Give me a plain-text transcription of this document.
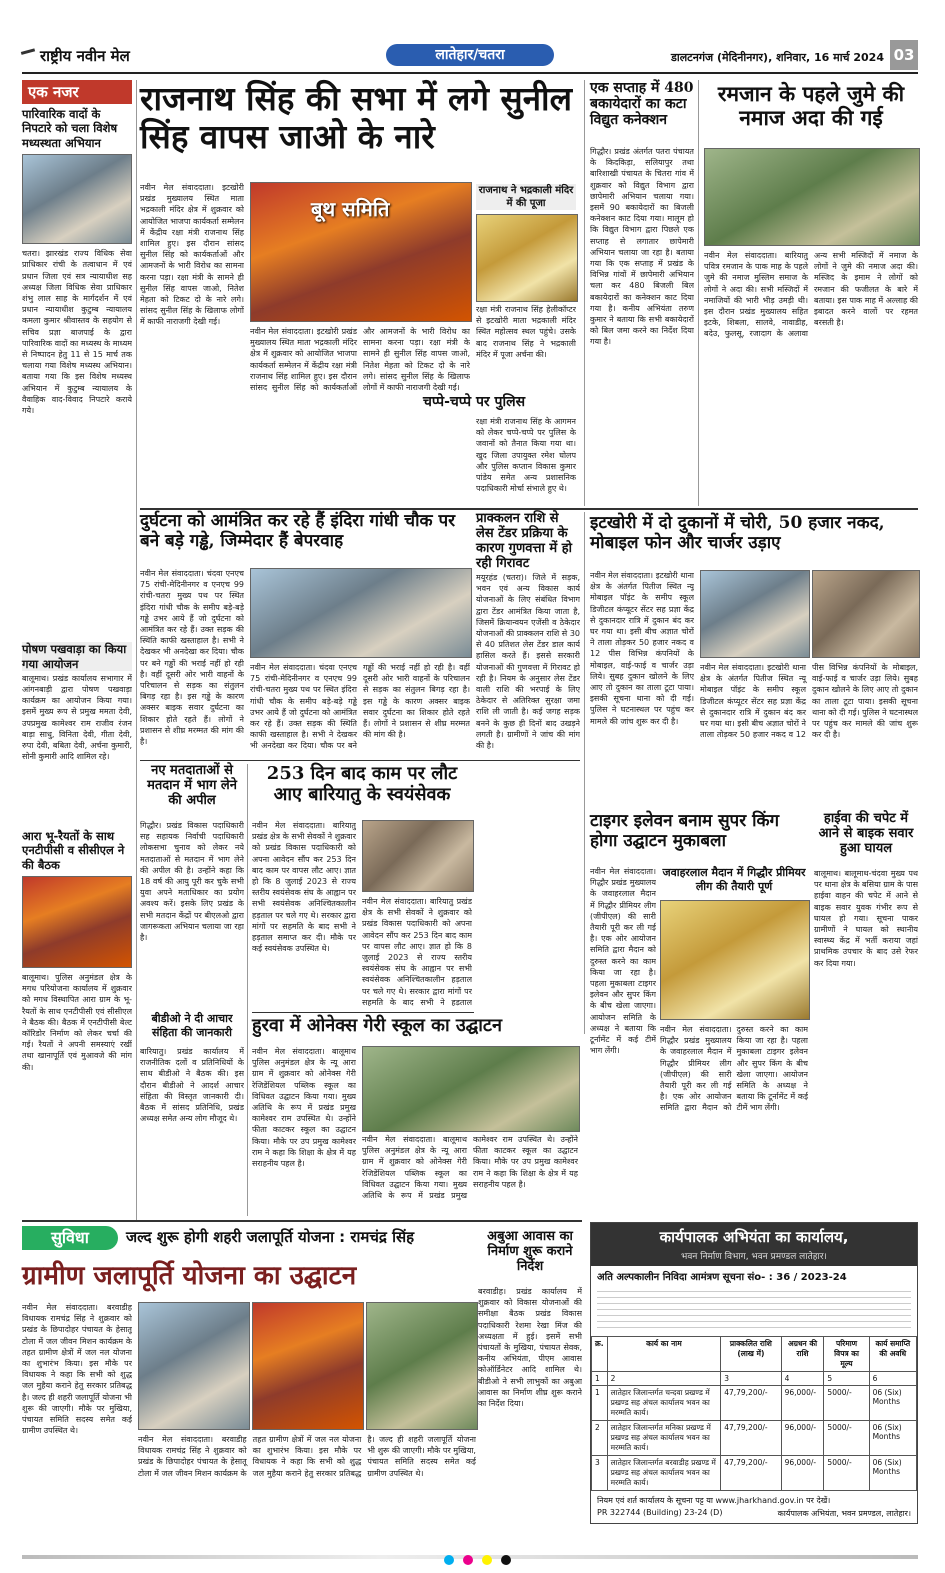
राष्ट्रीय नवीन मेल	लातेहार/चतरा	डालटनगंज (मेदिनीनगर), शनिवार, 16 मार्च 2024 03
एक नजर
पारिवारिक वादों के निपटारे को चला विशेष मध्यस्थता अभियान
चतरा। झारखंड राज्य विधिक सेवा प्राधिकार रांची के तत्वाधान में एवं प्रधान जिला एवं सत्र न्यायाधीश सह अध्यक्ष जिला विधिक सेवा प्राधिकार शंभु लाल साह के मार्गदर्शन में एवं प्रधान न्यायाधीश कुटुम्ब न्यायालय कमला कुमार श्रीवास्तव के सहयोग से सचिव प्रज्ञा बाजपाई के द्वारा पारिवारिक वादों का मध्यस्थ के माध्यम से निष्पादन हेतु 11 से 15 मार्च तक चलाया गया विशेष मध्यस्थ अभियान। बताया गया कि इस विशेष मध्यस्थ अभियान में कुटुम्ब न्यायालय के वैवाहिक वाद-विवाद निपटारे कराये गये।
पोषण पखवाड़ा का किया गया आयोजन
बालूमाथ। प्रखंड कार्यालय सभागार में आंगनबाड़ी द्वारा पोषण पखवाड़ा कार्यक्रम का आयोजन किया गया। इसमें मुख्य रूप से प्रमुख ममता देवी, उपप्रमुख कामेश्वर राम राजीव रंजन बाड़ा साधु, विनिता देवी, गीता देवी, रुपा देवी, बबिता देवी, अर्चना कुमारी, सोनी कुमारी आदि शामिल रहे।
आरा भू-रैयतों के साथ एनटीपीसी व सीसीएल ने की बैठक
बालूमाथ। पुलिस अनुमंडल क्षेत्र के मगध परियोजना कार्यालय में शुक्रवार को मगध विस्थापित आरा ग्राम के भू-रैयतों के साथ एनटीपीसी एवं सीसीएल ने बैठक की। बैठक में एनटीपीसी बेल्ट कॉरिडोर निर्माण को लेकर चर्चा की गई। रैयतों ने अपनी समस्याएं रखीं तथा खानापूर्ति एवं मुआवजे की मांग की।
राजनाथ सिंह की सभा में लगे सुनील सिंह वापस जाओ के नारे
नवीन मेल संवाददाता। इटखोरी प्रखंड मुख्यालय स्थित माता भद्रकाली मंदिर क्षेत्र में शुक्रवार को आयोजित भाजपा कार्यकर्ता सम्मेलन में केंद्रीय रक्षा मंत्री राजनाथ सिंह शामिल हुए। इस दौरान सांसद सुनील सिंह को कार्यकर्ताओं और आमजनों के भारी विरोध का सामना करना पड़ा। रक्षा मंत्री के सामने ही सुनील सिंह वापस जाओ, नितेश मेहता को टिकट दो के नारे लगे। सांसद सुनील सिंह के खिलाफ लोगों में काफी नाराजगी देखी गई।
बूथ समिति
नवीन मेल संवाददाता। इटखोरी प्रखंड मुख्यालय स्थित माता भद्रकाली मंदिर क्षेत्र में शुक्रवार को आयोजित भाजपा कार्यकर्ता सम्मेलन में केंद्रीय रक्षा मंत्री राजनाथ सिंह शामिल हुए। इस दौरान सांसद सुनील सिंह को कार्यकर्ताओं और आमजनों के भारी विरोध का सामना करना पड़ा। रक्षा मंत्री के सामने ही सुनील सिंह वापस जाओ, नितेश मेहता को टिकट दो के नारे लगे। सांसद सुनील सिंह के खिलाफ लोगों में काफी नाराजगी देखी गई।
राजनाथ ने भद्रकाली मंदिर में की पूजा
रक्षा मंत्री राजनाथ सिंह हेलीकॉप्टर से इटखोरी माता भद्रकाली मंदिर स्थित महोत्सव स्थल पहुंचे। उसके बाद राजनाथ सिंह ने भद्रकाली मंदिर में पूजा अर्चना की।
चप्पे-चप्पे पर पुलिस
रक्षा मंत्री राजनाथ सिंह के आगमन को लेकर चप्पे-चप्पे पर पुलिस के जवानों को तैनात किया गया था। खुद जिला उपायुक्त रमेश घोलप और पुलिस कप्तान विकास कुमार पांडेय समेत अन्य प्रशासनिक पदाधिकारी मोर्चा संभाले हुए थे।
एक सप्ताह में 480 बकायेदारों का कटा विद्युत कनेक्शन
गिद्धौर। प्रखंड अंतर्गत पतरा पंचायत के किदकिड़ा, सलियापुर तथा बारिशाखी पंचायत के चितरा गांव में शुक्रवार को विद्युत विभाग द्वारा छापेमारी अभियान चलाया गया। इसमें 90 बकायेदारों का बिजली कनेक्शन काट दिया गया। मालूम हो कि विद्युत विभाग द्वारा पिछले एक सप्ताह से लगातार छापेमारी अभियान चलाया जा रहा है। बताया गया कि एक सप्ताह में प्रखंड के विभिन्न गांवों में छापेमारी अभियान चला कर 480 बिजली बिल बकायेदारों का कनेक्शन काट दिया गया है। कनीय अभियंता तरुण कुमार ने बताया कि सभी बकायेदारों को बिल जमा करने का निर्देश दिया गया है।
रमजान के पहले जुमे की नमाज अदा की गई
नवीन मेल संवाददाता। बारियातु पवित्र रमजान के पाक माह के पहले जुमे की नमाज मुस्लिम समाज के लोगों ने अदा की। सभी मस्जिदों में नमाजियों की भारी भीड़ उमड़ी थी। इस दौरान प्रखंड मुख्यालय सहित इटके, शिबला, सालवे, नावाडीह, बदेउ, फुलसू, रजादाग के अलावा अन्य सभी मस्जिदों में नमाज के लोगों ने जुमे की नमाज अदा की। मस्जिद के इमाम ने लोगों को रमजान की फजीलत के बारे में बताया। इस पाक माह में अल्लाह की इबादत करने वालों पर रहमत बरसती है।
दुर्घटना को आमंत्रित कर रहे हैं इंदिरा गांधी चौक पर बने बड़े गड्ढे, जिम्मेदार हैं बेपरवाह
नवीन मेल संवाददाता। चंदवा एनएच 75 रांची-मेदिनीनगर व एनएच 99 रांची-चतरा मुख्य पथ पर स्थित इंदिरा गांधी चौक के समीप बड़े-बड़े गड्ढे उभर आये हैं जो दुर्घटना को आमंत्रित कर रहे हैं। उक्त सड़क की स्थिति काफी खस्ताहाल है। सभी ने देखकर भी अनदेखा कर दिया। चौक पर बने गड्ढों की भराई नहीं हो रही है। वहीं दूसरी ओर भारी वाहनों के परिचालन से सड़क का संतुलन बिगड़ रहा है। इस गड्ढे के कारण अक्सर बाइक सवार दुर्घटना का शिकार होते रहते हैं। लोगों ने प्रशासन से शीघ्र मरम्मत की मांग की है।
नवीन मेल संवाददाता। चंदवा एनएच 75 रांची-मेदिनीनगर व एनएच 99 रांची-चतरा मुख्य पथ पर स्थित इंदिरा गांधी चौक के समीप बड़े-बड़े गड्ढे उभर आये हैं जो दुर्घटना को आमंत्रित कर रहे हैं। उक्त सड़क की स्थिति काफी खस्ताहाल है। सभी ने देखकर भी अनदेखा कर दिया। चौक पर बने गड्ढों की भराई नहीं हो रही है। वहीं दूसरी ओर भारी वाहनों के परिचालन से सड़क का संतुलन बिगड़ रहा है। इस गड्ढे के कारण अक्सर बाइक सवार दुर्घटना का शिकार होते रहते हैं। लोगों ने प्रशासन से शीघ्र मरम्मत की मांग की है।
प्राक्कलन राशि से लेस टेंडर प्रक्रिया के कारण गुणवत्ता में हो रही गिरावट
मयूरहंड (चतरा)। जिले में सड़क, भवन एवं अन्य विकास कार्य योजनाओं के लिए संबंधित विभाग द्वारा टेंडर आमंत्रित किया जाता है, जिसमें क्रियान्वयन एजेंसी व ठेकेदार योजनाओं की प्राक्कलन राशि से 30 से 40 प्रतिशत लेस टेंडर डाल कार्य हासिल करते हैं। इससे सरकारी योजनाओं की गुणवत्ता में गिरावट हो रही है। नियम के अनुसार लेस टेंडर वाली राशि की भरपाई के लिए ठेकेदार से अतिरिक्त सुरक्षा जमा राशि ली जाती है। कई जगह सड़क बनने के कुछ ही दिनों बाद उखड़ने लगती है। ग्रामीणों ने जांच की मांग की है।
इटखोरी में दो दुकानों में चोरी, 50 हजार नकद, मोबाइल फोन और चार्जर उड़ाए
नवीन मेल संवाददाता। इटखोरी थाना क्षेत्र के अंतर्गत पितीज स्थित न्यू मोबाइल पॉइंट के समीप स्कूल डिजीटल कंप्यूटर सेंटर सह प्रज्ञा केंद्र से दुकानदार रात्रि में दुकान बंद कर घर गया था। इसी बीच अज्ञात चोरों ने ताला तोड़कर 50 हजार नकद व 12 पीस विभिन्न कंपनियों के मोबाइल, वाई-फाई व चार्जर उड़ा लिये। सुबह दुकान खोलने के लिए आए तो दुकान का ताला टूटा पाया। इसकी सूचना थाना को दी गई। पुलिस ने घटनास्थल पर पहुंच कर मामले की जांच शुरू कर दी है।
नवीन मेल संवाददाता। इटखोरी थाना क्षेत्र के अंतर्गत पितीज स्थित न्यू मोबाइल पॉइंट के समीप स्कूल डिजीटल कंप्यूटर सेंटर सह प्रज्ञा केंद्र से दुकानदार रात्रि में दुकान बंद कर घर गया था। इसी बीच अज्ञात चोरों ने ताला तोड़कर 50 हजार नकद व 12 पीस विभिन्न कंपनियों के मोबाइल, वाई-फाई व चार्जर उड़ा लिये। सुबह दुकान खोलने के लिए आए तो दुकान का ताला टूटा पाया। इसकी सूचना थाना को दी गई। पुलिस ने घटनास्थल पर पहुंच कर मामले की जांच शुरू कर दी है।
नए मतदाताओं से मतदान में भाग लेने की अपील
गिद्धौर। प्रखंड विकास पदाधिकारी सह सहायक निर्वाची पदाधिकारी लोकसभा चुनाव को लेकर नये मतदाताओं से मतदान में भाग लेने की अपील की है। उन्होंने कहा कि 18 वर्ष की आयु पूरी कर चुके सभी युवा अपने मताधिकार का प्रयोग अवश्य करें। इसके लिए प्रखंड के सभी मतदान केंद्रों पर बीएलओ द्वारा जागरूकता अभियान चलाया जा रहा है।
बीडीओ ने दी आचार संहिता की जानकारी
बारियातु। प्रखंड कार्यालय में राजनीतिक दलों व प्रतिनिधियों के साथ बीडीओ ने बैठक की। इस दौरान बीडीओ ने आदर्श आचार संहिता की विस्तृत जानकारी दी। बैठक में सांसद प्रतिनिधि, प्रखंड अध्यक्ष समेत अन्य लोग मौजूद थे।
253 दिन बाद काम पर लौट आए बारियातु के स्वयंसेवक
नवीन मेल संवाददाता। बारियातु प्रखंड क्षेत्र के सभी सेवकों ने शुक्रवार को प्रखंड विकास पदाधिकारी को अपना आवेदन सौंप कर 253 दिन बाद काम पर वापस लौट आए। ज्ञात हो कि 8 जुलाई 2023 से राज्य स्तरीय स्वयंसेवक संघ के आह्वान पर सभी स्वयंसेवक अनिश्चितकालीन हड़ताल पर चले गए थे। सरकार द्वारा मांगों पर सहमति के बाद सभी ने हड़ताल समाप्त कर दी। मौके पर कई स्वयंसेवक उपस्थित थे।
नवीन मेल संवाददाता। बारियातु प्रखंड क्षेत्र के सभी सेवकों ने शुक्रवार को प्रखंड विकास पदाधिकारी को अपना आवेदन सौंप कर 253 दिन बाद काम पर वापस लौट आए। ज्ञात हो कि 8 जुलाई 2023 से राज्य स्तरीय स्वयंसेवक संघ के आह्वान पर सभी स्वयंसेवक अनिश्चितकालीन हड़ताल पर चले गए थे। सरकार द्वारा मांगों पर सहमति के बाद सभी ने हड़ताल
टाइगर इलेवन बनाम सुपर किंग होगा उद्घाटन मुकाबला
जवाहरलाल मैदान में गिद्धौर प्रीमियर लीग की तैयारी पूर्ण
नवीन मेल संवाददाता। गिद्धौर प्रखंड मुख्यालय के जवाहरलाल मैदान में गिद्धौर प्रीमियर लीग (जीपीएल) की सारी तैयारी पूरी कर ली गई है। एक ओर आयोजन समिति द्वारा मैदान को दुरुस्त करने का काम किया जा रहा है। पहला मुकाबला टाइगर इलेवन और सुपर किंग के बीच खेला जाएगा। आयोजन समिति के अध्यक्ष ने बताया कि टूर्नामेंट में कई टीमें भाग लेंगी।
नवीन मेल संवाददाता। गिद्धौर प्रखंड मुख्यालय के जवाहरलाल मैदान में गिद्धौर प्रीमियर लीग (जीपीएल) की सारी तैयारी पूरी कर ली गई है। एक ओर आयोजन समिति द्वारा मैदान को दुरुस्त करने का काम किया जा रहा है। पहला मुकाबला टाइगर इलेवन और सुपर किंग के बीच खेला जाएगा। आयोजन समिति के अध्यक्ष ने बताया कि टूर्नामेंट में कई टीमें भाग लेंगी।
हाईवा की चपेट में आने से बाइक सवार हुआ घायल
बालूमाथ। बालूमाथ-चंदवा मुख्य पथ पर थाना क्षेत्र के बसिया ग्राम के पास हाईवा वाहन की चपेट में आने से बाइक सवार युवक गंभीर रूप से घायल हो गया। सूचना पाकर ग्रामीणों ने घायल को स्थानीय स्वास्थ्य केंद्र में भर्ती कराया जहां प्राथमिक उपचार के बाद उसे रेफर कर दिया गया।
हुरवा में ओनेक्स गेरी स्कूल का उद्घाटन
नवीन मेल संवाददाता। बालूमाथ पुलिस अनुमंडल क्षेत्र के न्यू आरा ग्राम में शुक्रवार को ओनेक्स गेरी रेजिडेंशियल पब्लिक स्कूल का विधिवत उद्घाटन किया गया। मुख्य अतिथि के रूप में प्रखंड प्रमुख कामेश्वर राम उपस्थित थे। उन्होंने फीता काटकर स्कूल का उद्घाटन किया। मौके पर उप प्रमुख कामेश्वर राम ने कहा कि शिक्षा के क्षेत्र में यह सराहनीय पहल है।
नवीन मेल संवाददाता। बालूमाथ पुलिस अनुमंडल क्षेत्र के न्यू आरा ग्राम में शुक्रवार को ओनेक्स गेरी रेजिडेंशियल पब्लिक स्कूल का विधिवत उद्घाटन किया गया। मुख्य अतिथि के रूप में प्रखंड प्रमुख कामेश्वर राम उपस्थित थे। उन्होंने फीता काटकर स्कूल का उद्घाटन किया। मौके पर उप प्रमुख कामेश्वर राम ने कहा कि शिक्षा के क्षेत्र में यह सराहनीय पहल है।
सुविधा	जल्द शुरू होगी शहरी जलापूर्ति योजना : रामचंद्र सिंह
ग्रामीण जलापूर्ति योजना का उद्घाटन
नवीन मेल संवाददाता। बरवाडीह विधायक रामचंद्र सिंह ने शुक्रवार को प्रखंड के छिपादोहर पंचायत के हेसातू टोला में जल जीवन मिशन कार्यक्रम के तहत ग्रामीण क्षेत्रों में जल नल योजना का शुभारंभ किया। इस मौके पर विधायक ने कहा कि सभी को शुद्ध जल मुहैया कराने हेतु सरकार प्रतिबद्ध है। जल्द ही शहरी जलापूर्ति योजना भी शुरू की जाएगी। मौके पर मुखिया, पंचायत समिति सदस्य समेत कई ग्रामीण उपस्थित थे।
नवीन मेल संवाददाता। बरवाडीह विधायक रामचंद्र सिंह ने शुक्रवार को प्रखंड के छिपादोहर पंचायत के हेसातू टोला में जल जीवन मिशन कार्यक्रम के तहत ग्रामीण क्षेत्रों में जल नल योजना का शुभारंभ किया। इस मौके पर विधायक ने कहा कि सभी को शुद्ध जल मुहैया कराने हेतु सरकार प्रतिबद्ध है। जल्द ही शहरी जलापूर्ति योजना भी शुरू की जाएगी। मौके पर मुखिया, पंचायत समिति सदस्य समेत कई ग्रामीण उपस्थित थे।
अबुआ आवास का निर्माण शुरू कराने निर्देश
बरवाडीह। प्रखंड कार्यालय में शुक्रवार को विकास योजनाओं की समीक्षा बैठक प्रखंड विकास पदाधिकारी रेशमा रेखा मिंज की अध्यक्षता में हुई। इसमें सभी पंचायतों के मुखिया, पंचायत सेवक, कनीय अभियंता, पीएम आवास कोऑर्डिनेटर आदि शामिल थे। बीडीओ ने सभी लाभुकों का अबुआ आवास का निर्माण शीघ्र शुरू कराने का निर्देश दिया।
कार्यपालक अभियंता का कार्यालय,
भवन निर्माण विभाग, भवन प्रमण्डल लातेहार।
अति अल्पकालीन निविदा आमंत्रण सूचना संo- : 36 / 2023-24
क्र.	कार्य का नाम	प्राक्कलित राशि (लाख में)	अग्रधन की राशि	परिमाण विपत्र का मूल्य	कार्य समाप्ति की अवधि
1	2	3	4	5	6
1	लातेहार जिलान्तर्गत चन्दवा प्रखण्ड में प्रखण्ड सह अंचल कार्यालय भवन का मरम्मति कार्य।	47,79,200/-	96,000/-	5000/-	06 (Six) Months
2	लातेहार जिलान्तर्गत मनिका प्रखण्ड में प्रखण्ड सह अंचल कार्यालय भवन का मरम्मति कार्य।	47,79,200/-	96,000/-	5000/-	06 (Six) Months
3	लातेहार जिलान्तर्गत बरवाडीह प्रखण्ड में प्रखण्ड सह अंचल कार्यालय भवन का मरम्मति कार्य।	47,79,200/-	96,000/-	5000/-	06 (Six) Months
नियम एवं शर्त कार्यालय के सूचना पट्ट या www.jharkhand.gov.in पर देखें।
PR 322744 (Building) 23-24 (D)	कार्यपालक अभियंता, भवन प्रमण्डल, लातेहार।
